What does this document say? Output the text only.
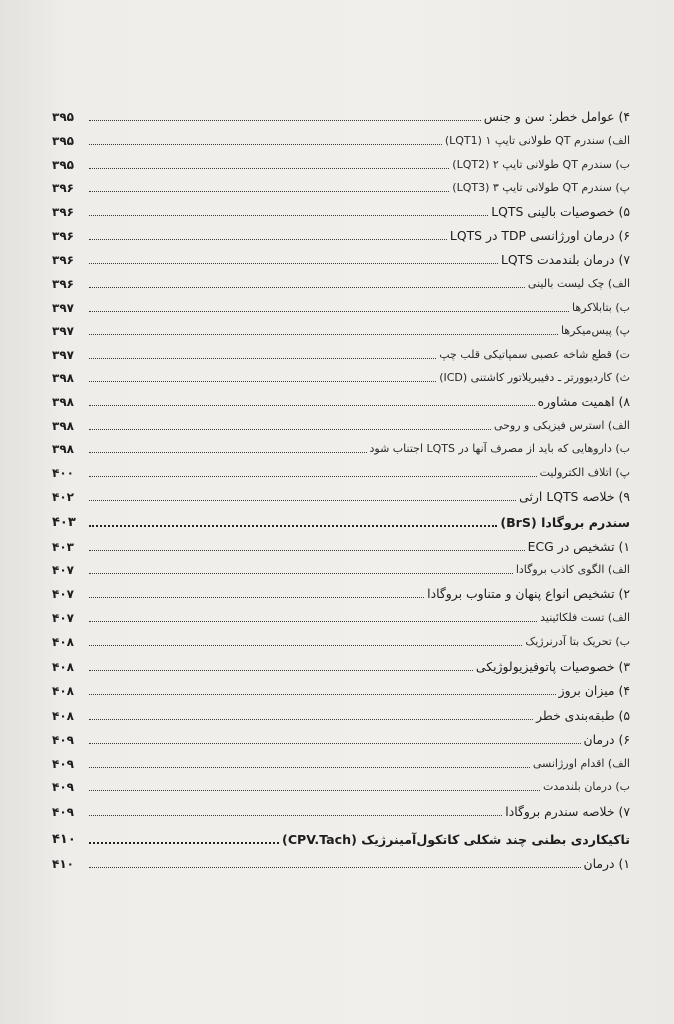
۴) عوامل خطر: سن و جنس
۳۹۵
الف) سندرم QT طولانی تایپ ۱ (LQT1)
۳۹۵
ب) سندرم QT طولانی تایپ ۲ (LQT2)
۳۹۵
پ) سندرم QT طولانی تایپ ۳ (LQT3)
۳۹۶
۵) خصوصیات بالینی LQTS
۳۹۶
۶) درمان اورژانسی TDP در LQTS
۳۹۶
۷) درمان بلندمدت LQTS
۳۹۶
الف) چک لیست بالینی
۳۹۶
ب) بتابلاکرها
۳۹۷
پ) پیس‌میکرها
۳۹۷
ت) قطع شاخه عصبی سمپاتیکی قلب چپ
۳۹۷
ث) کاردیوورتر ـ دفیبریلاتور کاشتنی (ICD)
۳۹۸
۸) اهمیت مشاوره
۳۹۸
الف) استرس فیزیکی و روحی
۳۹۸
ب) داروهایی که باید از مصرف آنها در LQTS اجتناب شود
۳۹۸
پ) اتلاف الکترولیت
۴۰۰
۹) خلاصه LQTS ارثی
۴۰۲
سندرم بروگادا (BrS)
۴۰۳
۱) تشخیص در ECG
۴۰۳
الف) الگوی کاذب بروگادا
۴۰۷
۲) تشخیص انواع پنهان و متناوب بروگادا
۴۰۷
الف) تست فلکائینید
۴۰۷
ب) تحریک بتا آدرنرژیک
۴۰۸
۳) خصوصیات پاتوفیزیولوژیکی
۴۰۸
۴) میزان بروز
۴۰۸
۵) طبقه‌بندی خطر
۴۰۸
۶) درمان
۴۰۹
الف) اقدام اورژانسی
۴۰۹
ب) درمان بلندمدت
۴۰۹
۷) خلاصه سندرم بروگادا
۴۰۹
تاکیکاردی بطنی چند شکلی کاتکول‌آمینرژیک (CPV.Tach)
۴۱۰
۱) درمان
۴۱۰
